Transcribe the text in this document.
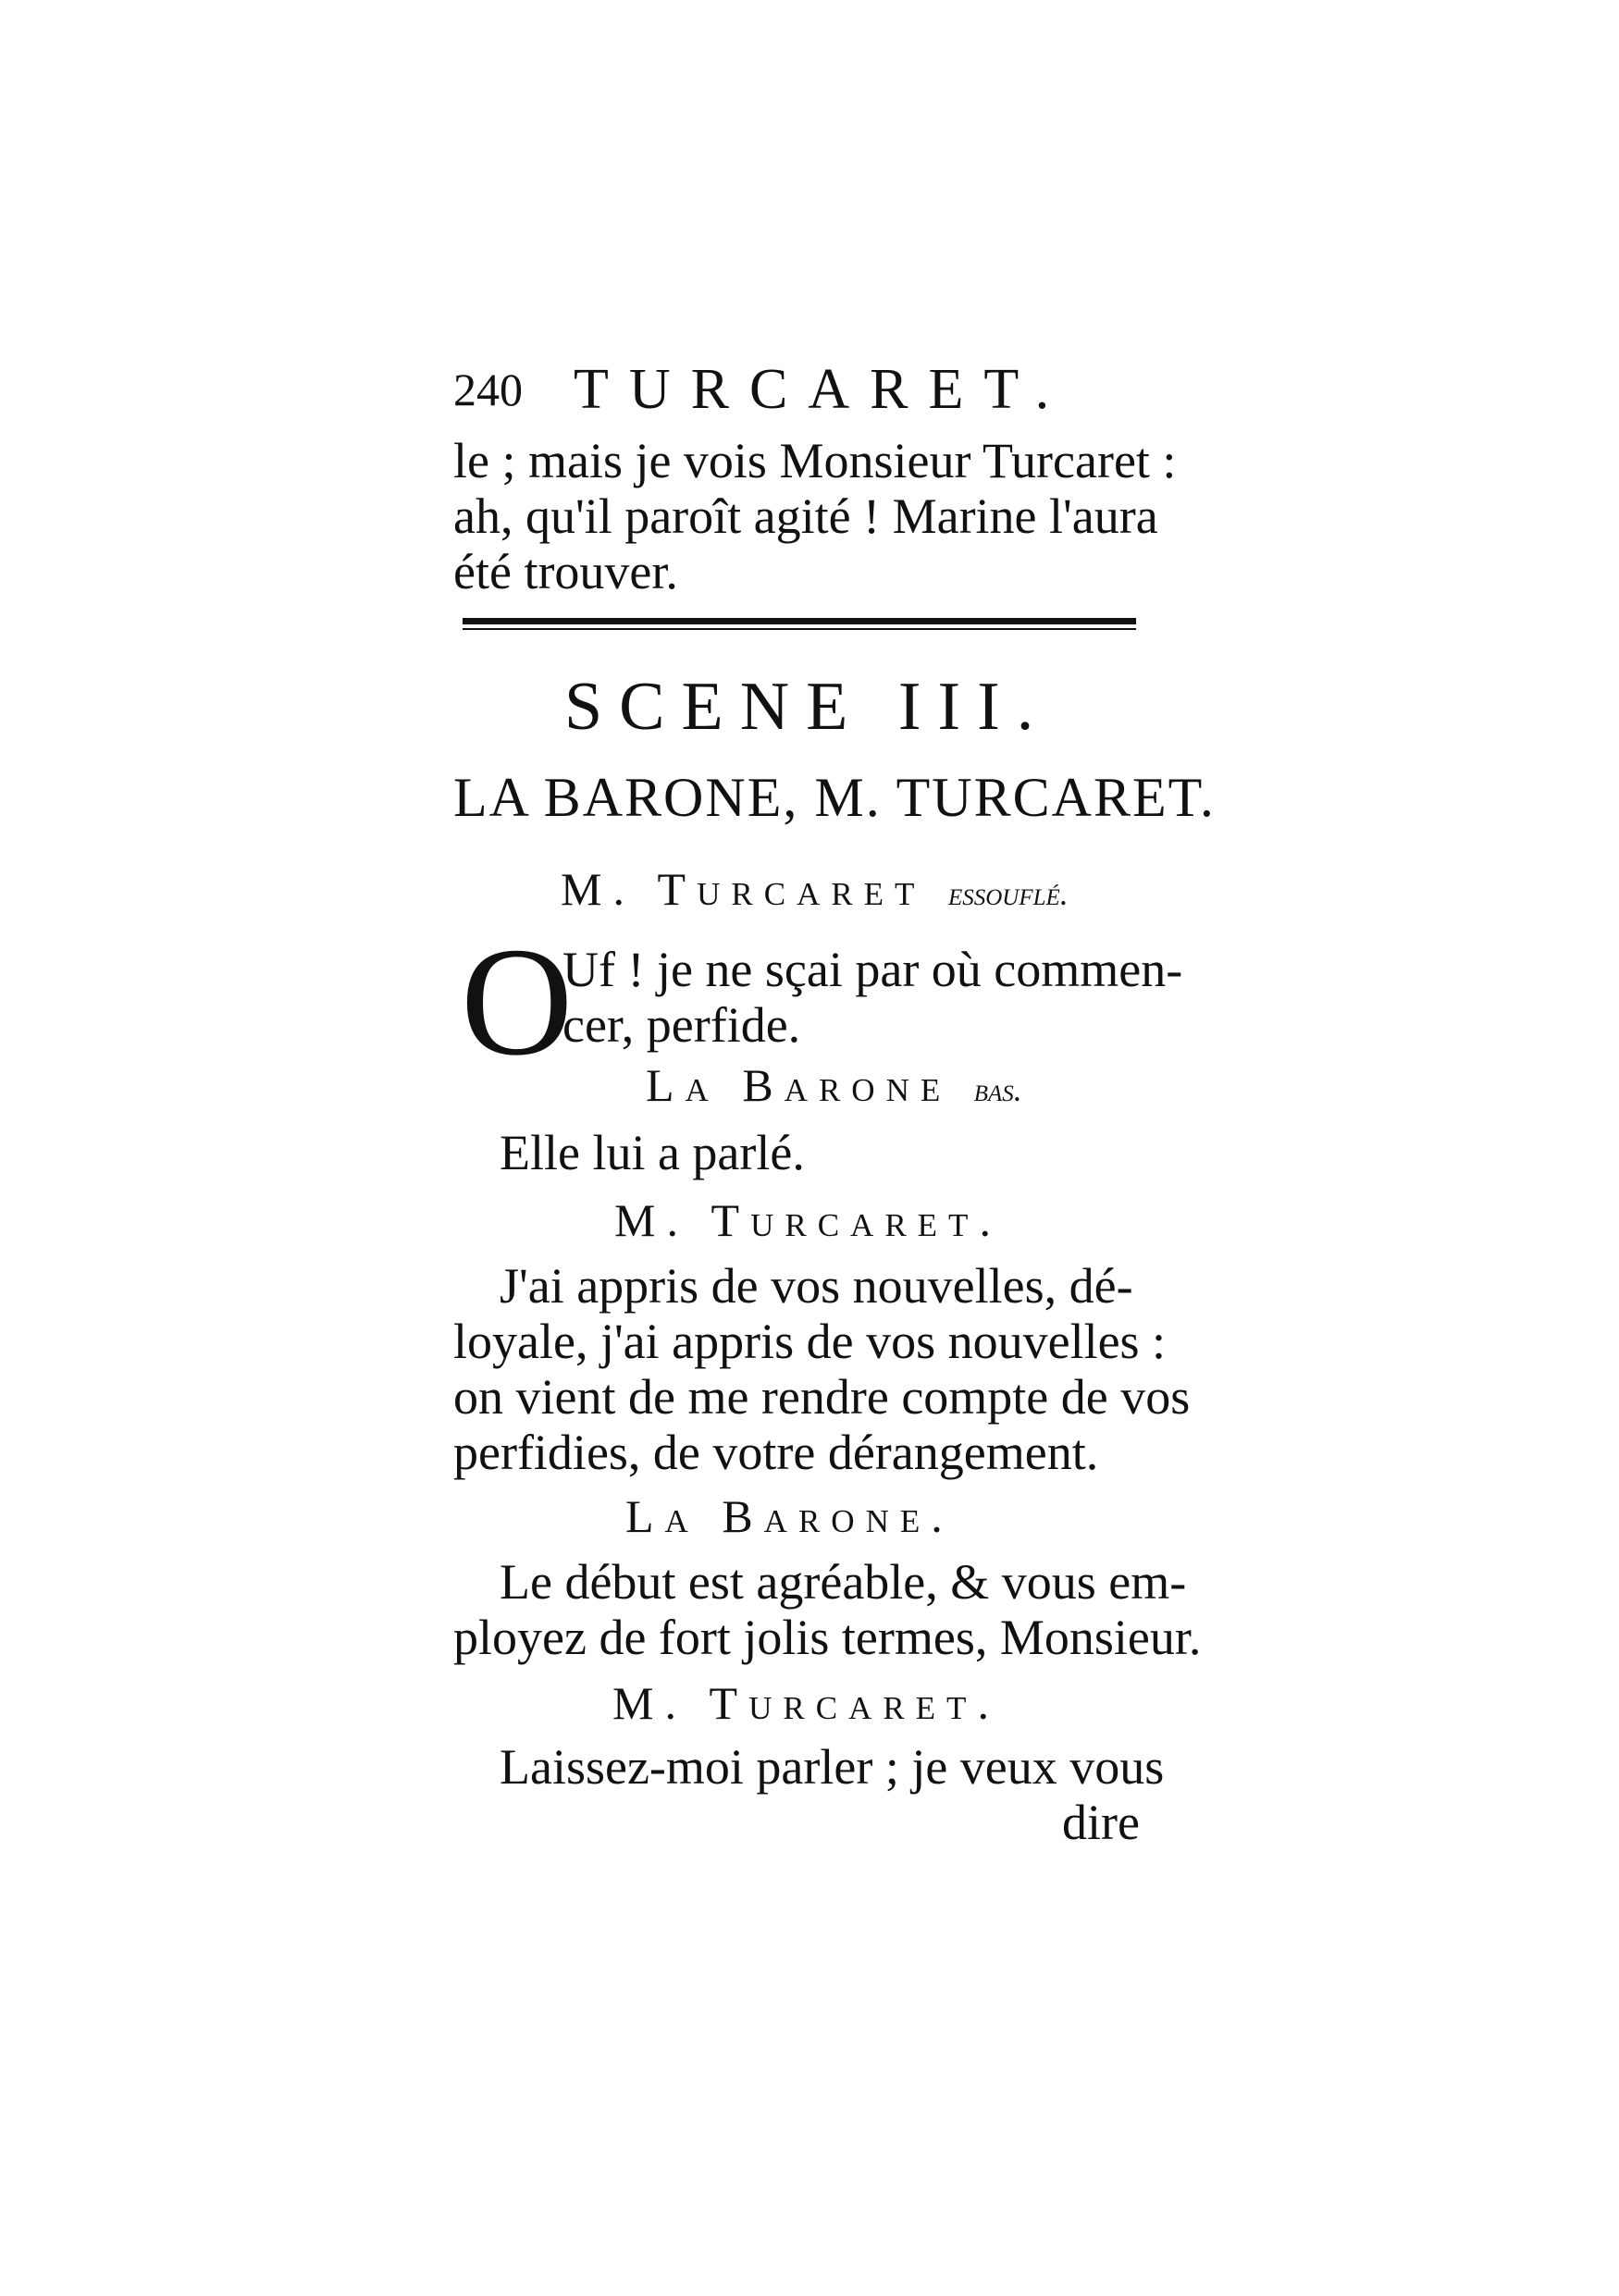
240 TURCARET.
le ; mais je vois Monsieur Turcaret :
ah, qu'il paroît agité ! Marine l'aura
été trouver.
SCENE III.
LA BARONE, M. TURCARET.
M. Turcaret essouflé.
O
Uf ! je ne sçai par où commen-
cer, perfide.
La Barone bas.
Elle lui a parlé.
M. Turcaret.
J'ai appris de vos nouvelles, dé-
loyale, j'ai appris de vos nouvelles :
on vient de me rendre compte de vos
perfidies, de votre dérangement.
La Barone.
Le début est agréable, & vous em-
ployez de fort jolis termes, Monsieur.
M. Turcaret.
Laissez-moi parler ; je veux vous
dire
